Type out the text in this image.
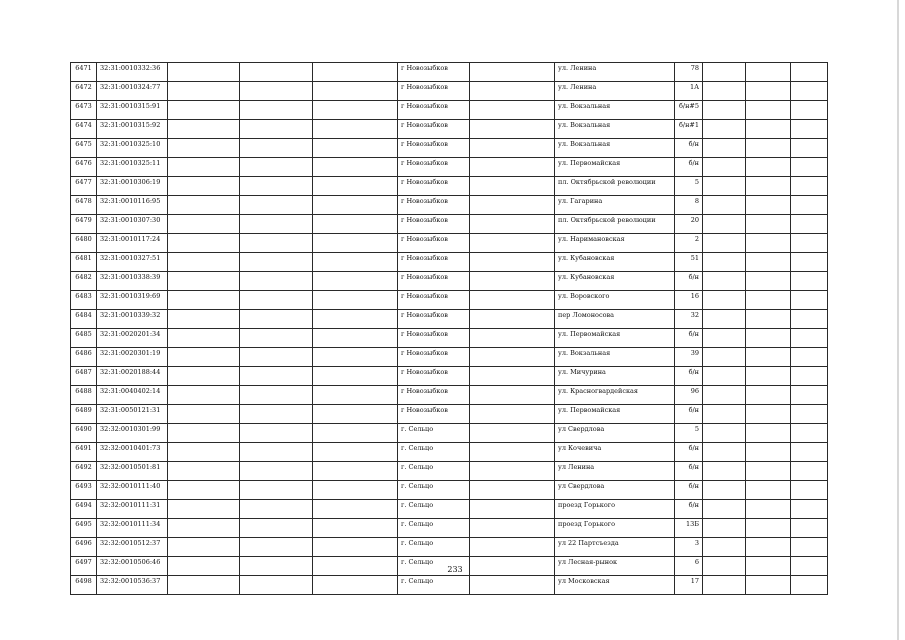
6471	32:31:0010332:36				г Новозыбков		ул. Ленина	78			
6472	32:31:0010324:77				г Новозыбков		ул. Ленина	1А			
6473	32:31:0010315:91				г Новозыбков		ул. Вокзальная	б/н#5			
6474	32:31:0010315:92				г Новозыбков		ул. Вокзальная	б/н#1			
6475	32:31:0010325:10				г Новозыбков		ул. Вокзальная	б/н			
6476	32:31:0010325:11				г Новозыбков		ул. Первомайская	б/н			
6477	32:31:0010306:19				г Новозыбков		пл. Октябрьской революции	5			
6478	32:31:0010116:95				г Новозыбков		ул. Гагарина	8			
6479	32:31:0010307:30				г Новозыбков		пл. Октябрьской революции	20			
6480	32:31:0010117:24				г Новозыбков		ул. Наримановская	2			
6481	32:31:0010327:51				г Новозыбков		ул. Кубановская	51			
6482	32:31:0010338:39				г Новозыбков		ул. Кубановская	б/н			
6483	32:31:0010319:69				г Новозыбков		ул. Воровского	16			
6484	32:31:0010339:32				г Новозыбков		пер Ломоносова	32			
6485	32:31:0020201:34				г Новозыбков		ул. Первомайская	б/н			
6486	32:31:0020301:19				г Новозыбков		ул. Вокзальная	39			
6487	32:31:0020188:44				г Новозыбков		ул. Мичурина	б/н			
6488	32:31:0040402:14				г Новозыбков		ул. Красногвардейская	96			
6489	32:31:0050121:31				г Новозыбков		ул. Первомайская	б/н			
6490	32:32:0010301:99				г. Сельцо		ул Свердлова	5			
6491	32:32:0010401:73				г. Сельцо		ул Кочевича	б/н			
6492	32:32:0010501:81				г. Сельцо		ул Ленина	б/н			
6493	32:32:0010111:40				г. Сельцо		ул Свердлова	б/н			
6494	32:32:0010111:31				г. Сельцо		проезд Горького	б/н			
6495	32:32:0010111:34				г. Сельцо		проезд Горького	13Б			
6496	32:32:0010512:37				г. Сельцо		ул 22 Партсъезда	3			
6497	32:32:0010506:46				г. Сельцо		ул Лесная-рынок	6			
6498	32:32:0010536:37				г. Сельцо		ул Московская	17			
233
